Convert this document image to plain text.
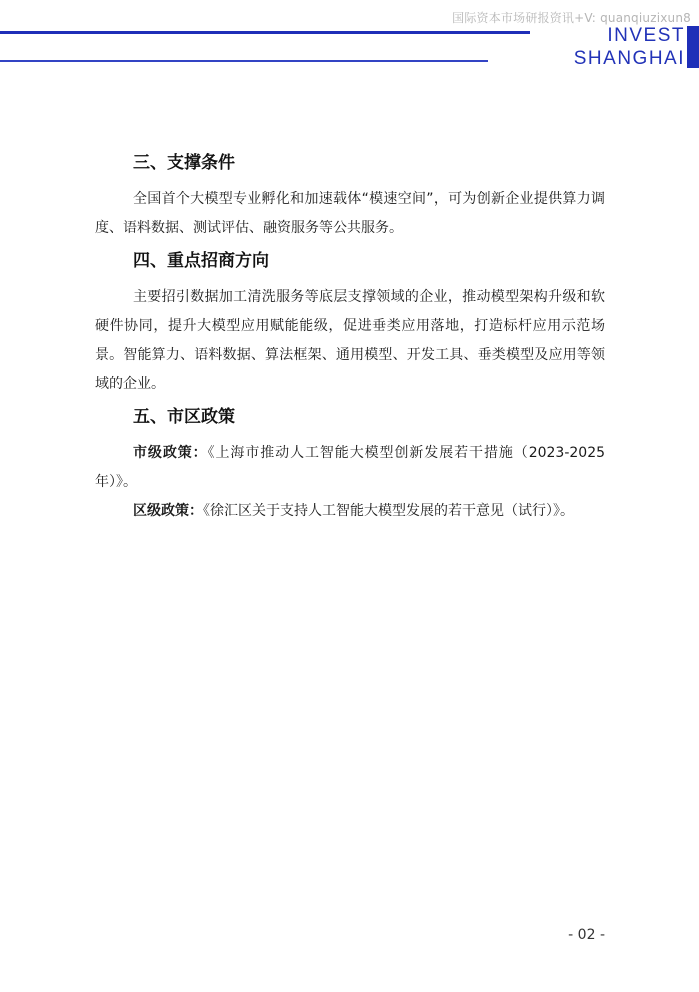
国际资本市场研报资讯+V: quanqiuzixun8
INVEST
SHANGHAI
三、支撑条件
全国首个大模型专业孵化和加速载体“模速空间”，可为创新企业提供算力调度、语料数据、测试评估、融资服务等公共服务。
四、重点招商方向
主要招引数据加工清洗服务等底层支撑领域的企业，推动模型架构升级和软硬件协同，提升大模型应用赋能能级，促进垂类应用落地，打造标杆应用示范场景。智能算力、语料数据、算法框架、通用模型、开发工具、垂类模型及应用等领域的企业。
五、市区政策
市级政策：《上海市推动人工智能大模型创新发展若干措施（2023-2025 年）》。
区级政策：《徐汇区关于支持人工智能大模型发展的若干意见（试行）》。
- 02 -
